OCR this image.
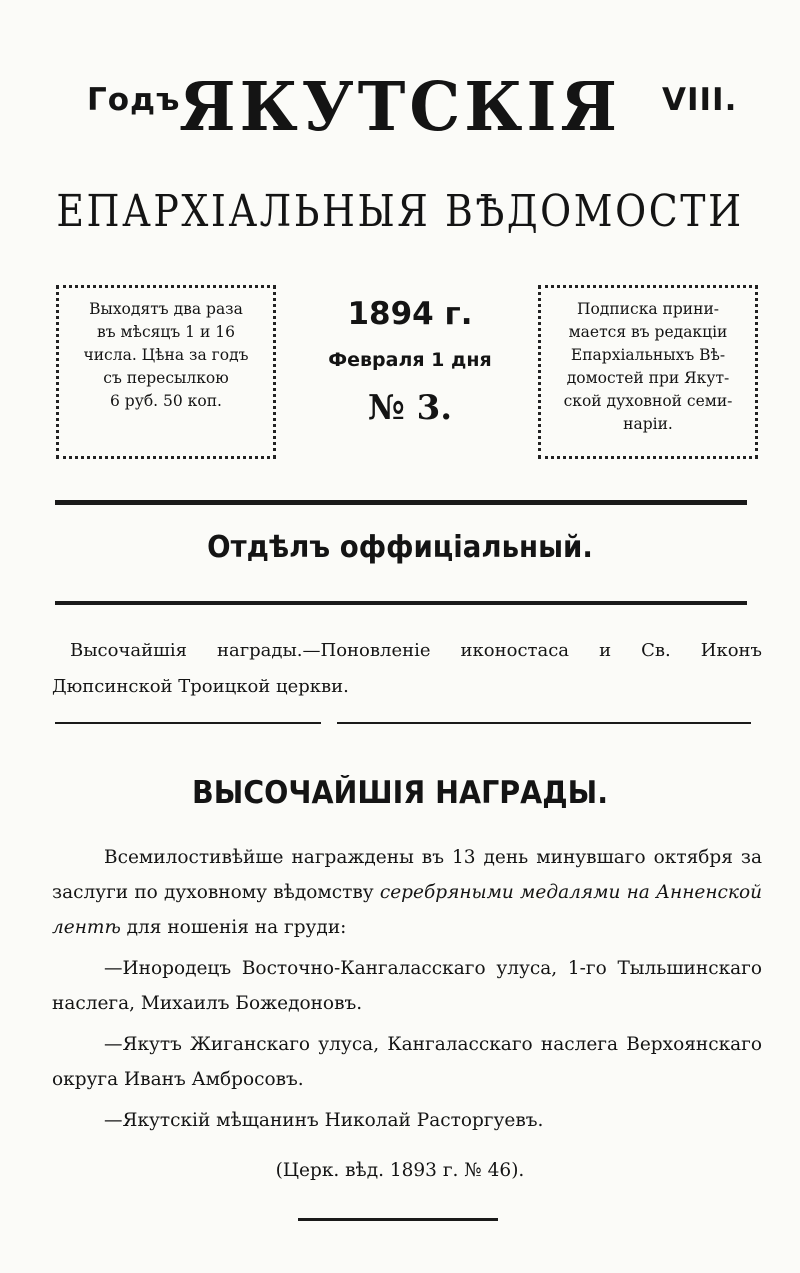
Годъ
ЯКУТСКІЯ	VIII.
ЕПАРХІАЛЬНЫЯ ВѢДОМОСТИ
Выходятъ два раза
въ мѣсяцъ 1 и 16
числа. Цѣна за годъ
съ пересылкою
6 руб. 50 коп.
1894 г.
Февраля 1 дня
№ 3.
Подписка прини-
мается въ редакціи
Епархіальныхъ Вѣ-
домостей при Якут-
ской духовной семи-
наріи.
Отдѣлъ оффиціальный.
Высочайшія награды.—Поновленіе иконостаса и Св. Иконъ Дюпсинской Троицкой церкви.
ВЫСОЧАЙШІЯ НАГРАДЫ.

Всемилостивѣйше награждены въ 13 день минувшаго октября за заслуги по духовному вѣдомству серебряными медалями на Анненской лентѣ для ношенія на груди:

—Инородецъ Восточно-Кангаласскаго улуса, 1-го Тыльшинскаго наслега, Михаилъ Божедоновъ.

—Якутъ Жиганскаго улуса, Кангаласскаго наслега Верхоянскаго округа Иванъ Амбросовъ.

—Якутскій мѣщанинъ Николай Расторгуевъ.

(Церк. вѣд. 1893 г. № 46).
